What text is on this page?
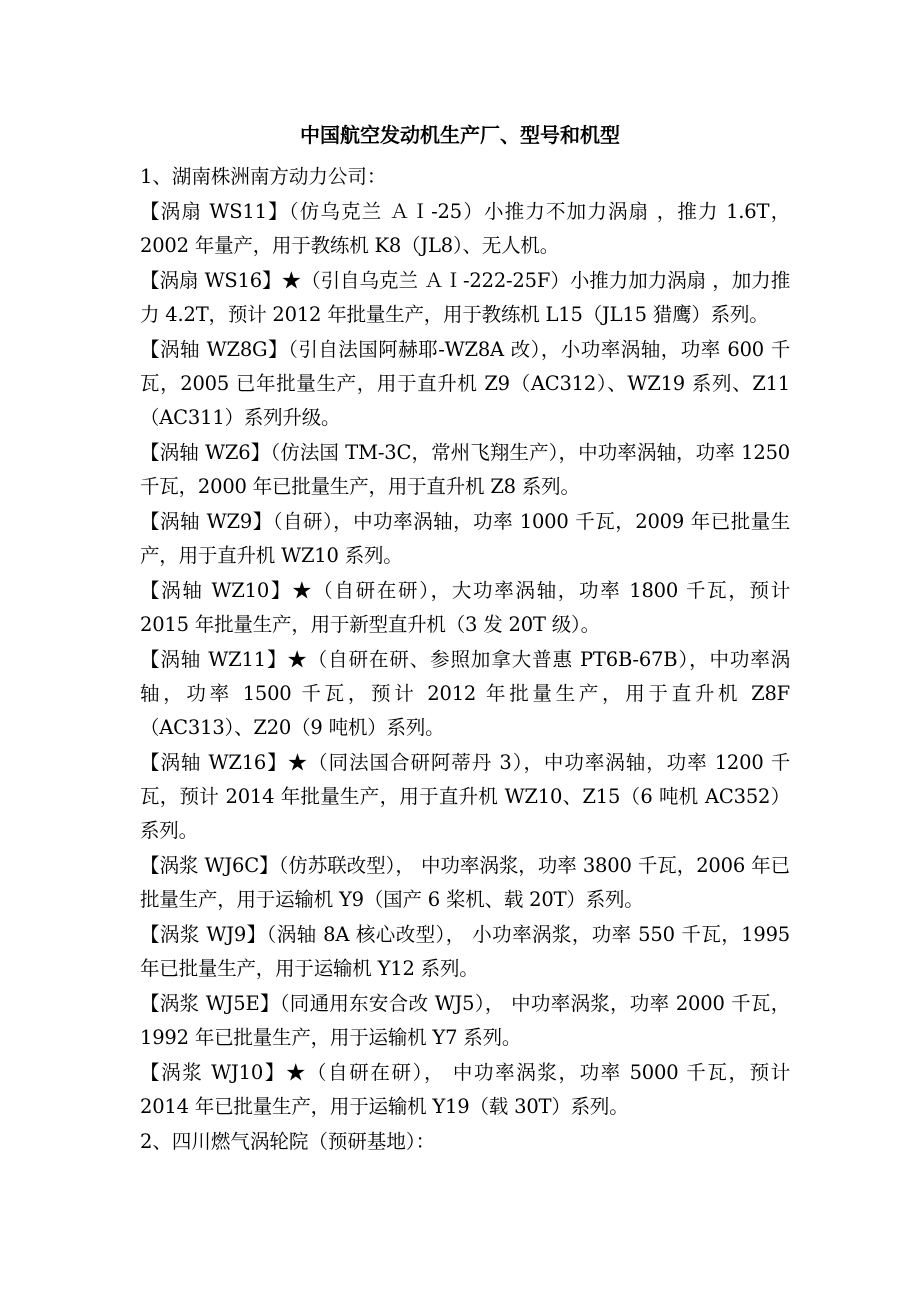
中国航空发动机生产厂、型号和机型
1、湖南株洲南方动力公司：
【涡扇 WS11】（仿乌克兰 ＡＩ-25）小推力不加力涡扇 ，推力 1.6T，2002 年量产，用于教练机 K8（JL8）、无人机。
【涡扇 WS16】★（引自乌克兰 ＡＩ-222-25F）小推力加力涡扇 ，加力推力 4.2T，预计 2012 年批量生产，用于教练机 L15（JL15 猎鹰）系列。
【涡轴 WZ8G】（引自法国阿赫耶-WZ8A 改），小功率涡轴，功率 600 千瓦，2005 已年批量生产，用于直升机 Z9（AC312）、WZ19 系列、Z11（AC311）系列升级。
【涡轴 WZ6】（仿法国 TM-3C，常州飞翔生产），中功率涡轴，功率 1250 千瓦，2000 年已批量生产，用于直升机 Z8 系列。
【涡轴 WZ9】（自研），中功率涡轴，功率 1000 千瓦，2009 年已批量生产，用于直升机 WZ10 系列。
【涡轴 WZ10】★（自研在研），大功率涡轴，功率 1800 千瓦，预计 2015 年批量生产，用于新型直升机（3 发 20T 级）。
【涡轴 WZ11】★（自研在研、参照加拿大普惠 PT6B-67B），中功率涡轴，功率 1500 千瓦，预计 2012 年批量生产，用于直升机 Z8F（AC313）、Z20（9 吨机）系列。
【涡轴 WZ16】★（同法国合研阿蒂丹 3），中功率涡轴，功率 1200 千瓦，预计 2014 年批量生产，用于直升机 WZ10、Z15（6 吨机 AC352）系列。
【涡浆 WJ6C】（仿苏联改型）， 中功率涡浆，功率 3800 千瓦，2006 年已批量生产，用于运输机 Y9（国产 6 桨机、载 20T）系列。
【涡浆 WJ9】（涡轴 8A 核心改型）， 小功率涡浆，功率 550 千瓦，1995 年已批量生产，用于运输机 Y12 系列。
【涡浆 WJ5E】（同通用东安合改 WJ5）， 中功率涡浆，功率 2000 千瓦，1992 年已批量生产，用于运输机 Y7 系列。
【涡浆 WJ10】★（自研在研）， 中功率涡浆，功率 5000 千瓦，预计 2014 年已批量生产，用于运输机 Y19（载 30T）系列。
2、四川燃气涡轮院（预研基地）：
